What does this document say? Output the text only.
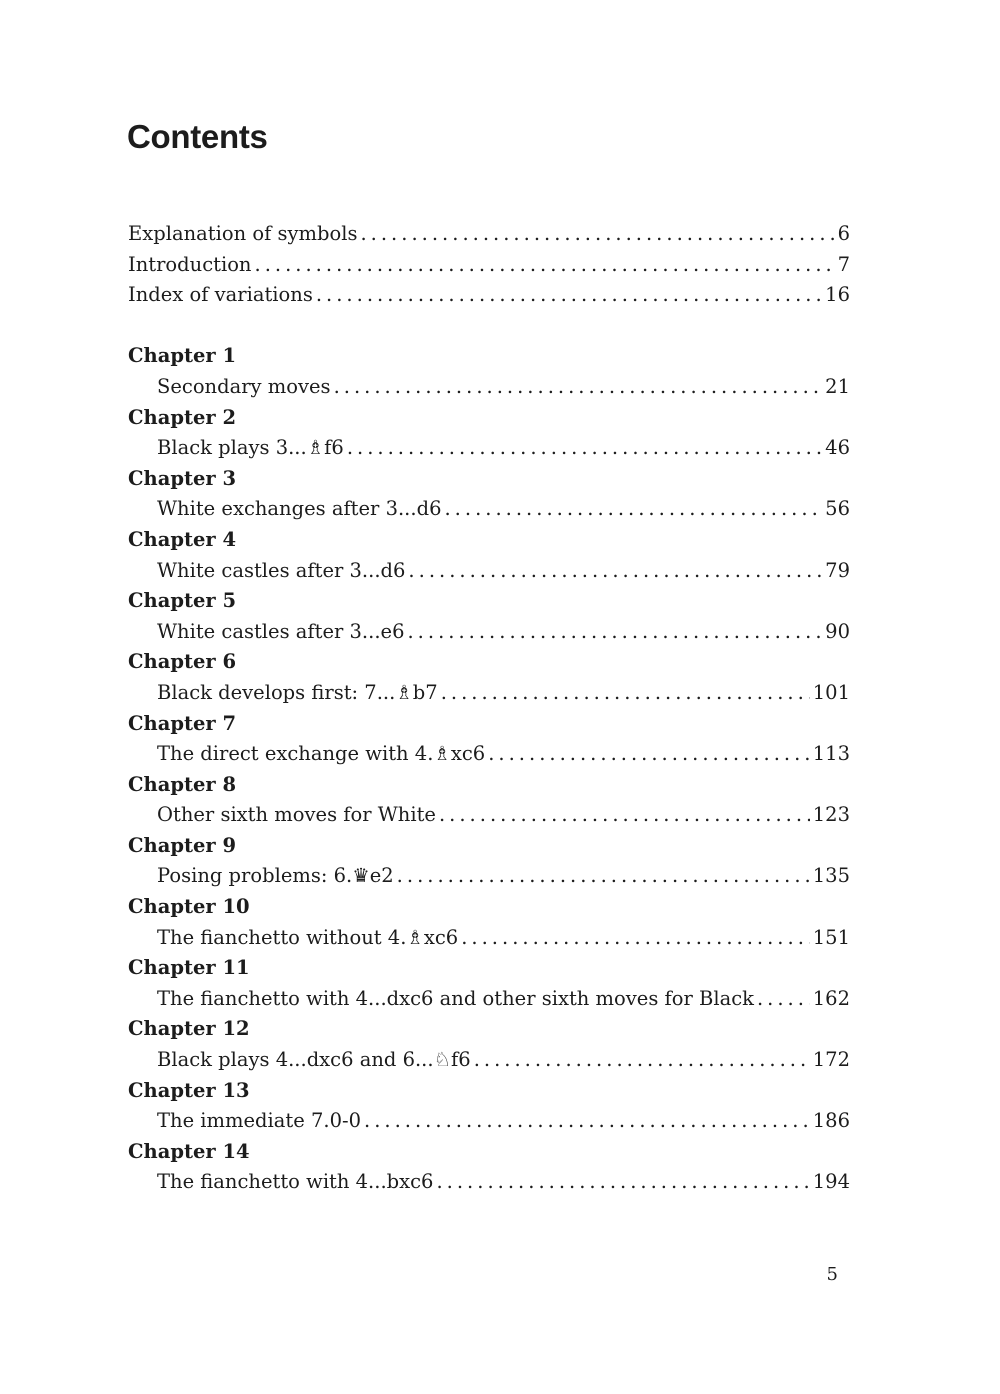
Contents
Explanation of symbols . . .	6
Introduction . . .	7
Index of variations . . .	16
Chapter 1
Secondary moves . . .	21
Chapter 2
Black plays 3...♗f6 . . .	46
Chapter 3
White exchanges after 3...d6 . . .	56
Chapter 4
White castles after 3...d6 . . .	79
Chapter 5
White castles after 3...e6 . . .	90
Chapter 6
Black develops first: 7...♗b7 . . .	101
Chapter 7
The direct exchange with 4.♗xc6 . . .	113
Chapter 8
Other sixth moves for White . . .	123
Chapter 9
Posing problems: 6.♛e2 . . .	135
Chapter 10
The fianchetto without 4.♗xc6 . . .	151
Chapter 11
The fianchetto with 4...dxc6 and other sixth moves for Black . . .	162
Chapter 12
Black plays 4...dxc6 and 6...♘f6 . . .	172
Chapter 13
The immediate 7.0-0 . . .	186
Chapter 14
The fianchetto with 4...bxc6 . . .	194
5
